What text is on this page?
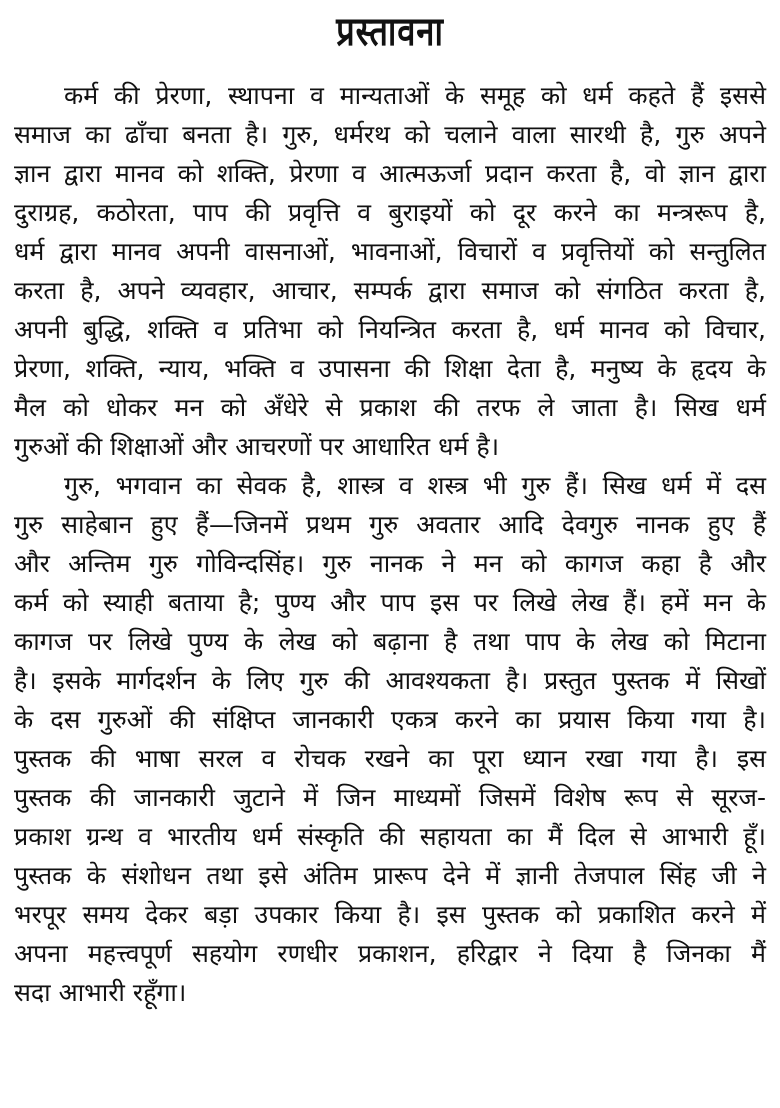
प्रस्तावना
कर्म की प्रेरणा, स्थापना व मान्यताओं के समूह को धर्म कहते हैं इससे
समाज का ढाँचा बनता है। गुरु, धर्मरथ को चलाने वाला सारथी है, गुरु अपने
ज्ञान द्वारा मानव को शक्ति, प्रेरणा व आत्मऊर्जा प्रदान करता है, वो ज्ञान द्वारा
दुराग्रह, कठोरता, पाप की प्रवृत्ति व बुराइयों को दूर करने का मन्त्ररूप है,
धर्म द्वारा मानव अपनी वासनाओं, भावनाओं, विचारों व प्रवृत्तियों को सन्तुलित
करता है, अपने व्यवहार, आचार, सम्पर्क द्वारा समाज को संगठित करता है,
अपनी बुद्धि, शक्ति व प्रतिभा को नियन्त्रित करता है, धर्म मानव को विचार,
प्रेरणा, शक्ति, न्याय, भक्ति व उपासना की शिक्षा देता है, मनुष्य के हृदय के
मैल को धोकर मन को अँधेरे से प्रकाश की तरफ ले जाता है। सिख धर्म
गुरुओं की शिक्षाओं और आचरणों पर आधारित धर्म है।
गुरु, भगवान का सेवक है, शास्त्र व शस्त्र भी गुरु हैं। सिख धर्म में दस
गुरु साहेबान हुए हैं—जिनमें प्रथम गुरु अवतार आदि देवगुरु नानक हुए हैं
और अन्तिम गुरु गोविन्दसिंह। गुरु नानक ने मन को कागज कहा है और
कर्म को स्याही बताया है; पुण्य और पाप इस पर लिखे लेख हैं। हमें मन के
कागज पर लिखे पुण्य के लेख को बढ़ाना है तथा पाप के लेख को मिटाना
है। इसके मार्गदर्शन के लिए गुरु की आवश्यकता है। प्रस्तुत पुस्तक में सिखों
के दस गुरुओं की संक्षिप्त जानकारी एकत्र करने का प्रयास किया गया है।
पुस्तक की भाषा सरल व रोचक रखने का पूरा ध्यान रखा गया है। इस
पुस्तक की जानकारी जुटाने में जिन माध्यमों जिसमें विशेष रूप से सूरज-
प्रकाश ग्रन्थ व भारतीय धर्म संस्कृति की सहायता का मैं दिल से आभारी हूँ।
पुस्तक के संशोधन तथा इसे अंतिम प्रारूप देने में ज्ञानी तेजपाल सिंह जी ने
भरपूर समय देकर बड़ा उपकार किया है। इस पुस्तक को प्रकाशित करने में
अपना महत्त्वपूर्ण सहयोग रणधीर प्रकाशन, हरिद्वार ने दिया है जिनका मैं
सदा आभारी रहूँगा।
